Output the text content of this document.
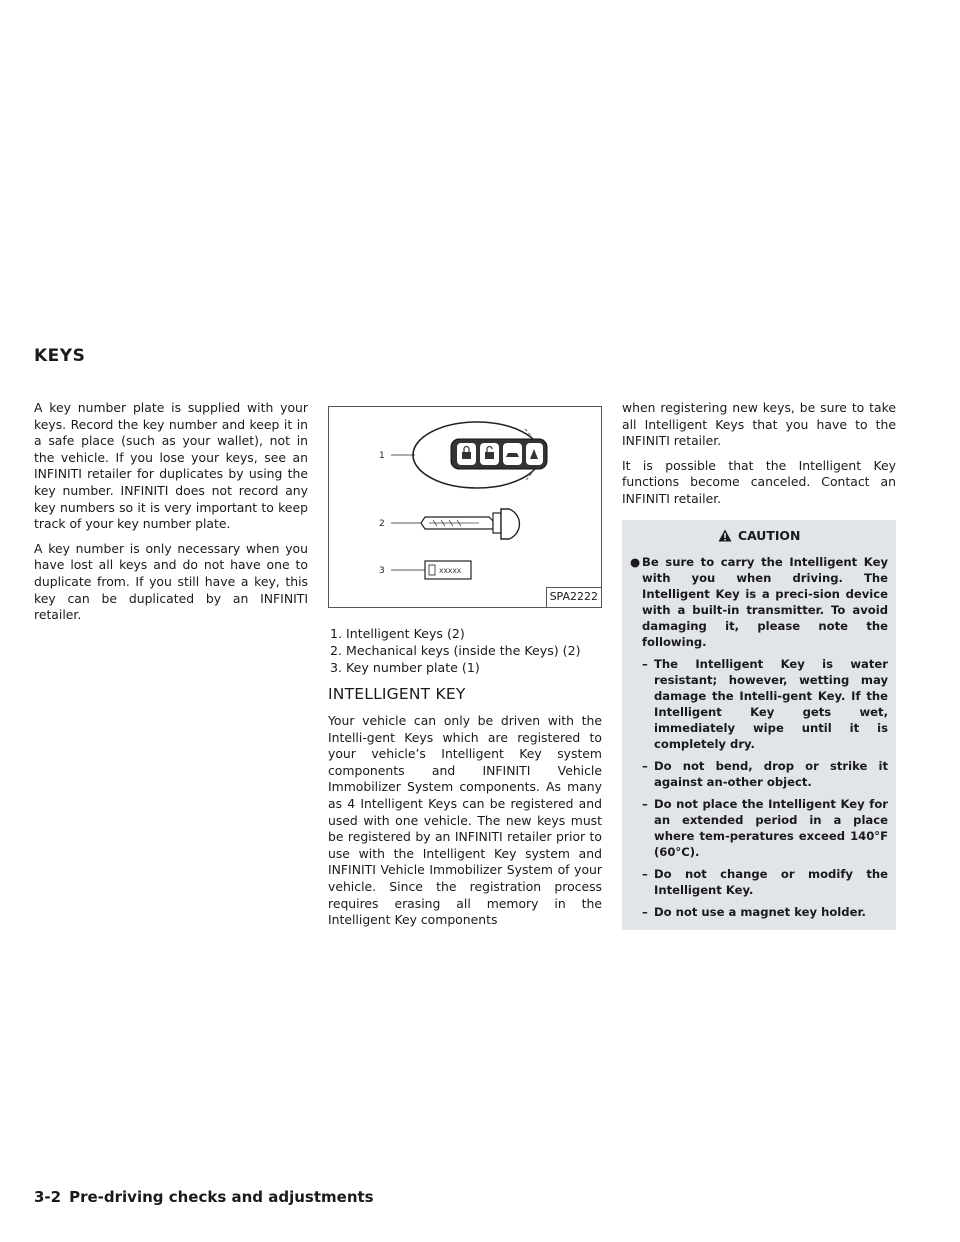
KEYS

A key number plate is supplied with your keys. Record the key number and keep it in a safe place (such as your wallet), not in the vehicle. If you lose your keys, see an INFINITI retailer for duplicates by using the key number. INFINITI does not record any key numbers so it is very important to keep track of your key number plate.

A key number is only necessary when you have lost all keys and do not have one to duplicate from. If you still have a key, this key can be duplicated by an INFINITI retailer.

1
2
XXXXX
3
SPA2222
1. Intelligent Keys (2)
2. Mechanical keys (inside the Keys) (2)
3. Key number plate (1)
INTELLIGENT KEY

Your vehicle can only be driven with the Intelli-gent Keys which are registered to your vehicle’s Intelligent Key system components and INFINITI Vehicle Immobilizer System components. As many as 4 Intelligent Keys can be registered and used with one vehicle. The new keys must be registered by an INFINITI retailer prior to use with the Intelligent Key system and INFINITI Vehicle Immobilizer System of your vehicle. Since the registration process requires erasing all memory in the Intelligent Key components

when registering new keys, be sure to take all Intelligent Keys that you have to the INFINITI retailer.

It is possible that the Intelligent Key functions become canceled. Contact an INFINITI retailer.

CAUTION
● Be sure to carry the Intelligent Key with you when driving. The Intelligent Key is a preci-sion device with a built-in transmitter. To avoid damaging it, please note the following.
– The Intelligent Key is water resistant; however, wetting may damage the Intelli-gent Key. If the Intelligent Key gets wet, immediately wipe until it is completely dry.
– Do not bend, drop or strike it against an-other object.
– Do not place the Intelligent Key for an extended period in a place where tem-peratures exceed 140°F (60°C).
– Do not change or modify the Intelligent Key.
– Do not use a magnet key holder.
3-2 Pre-driving checks and adjustments
